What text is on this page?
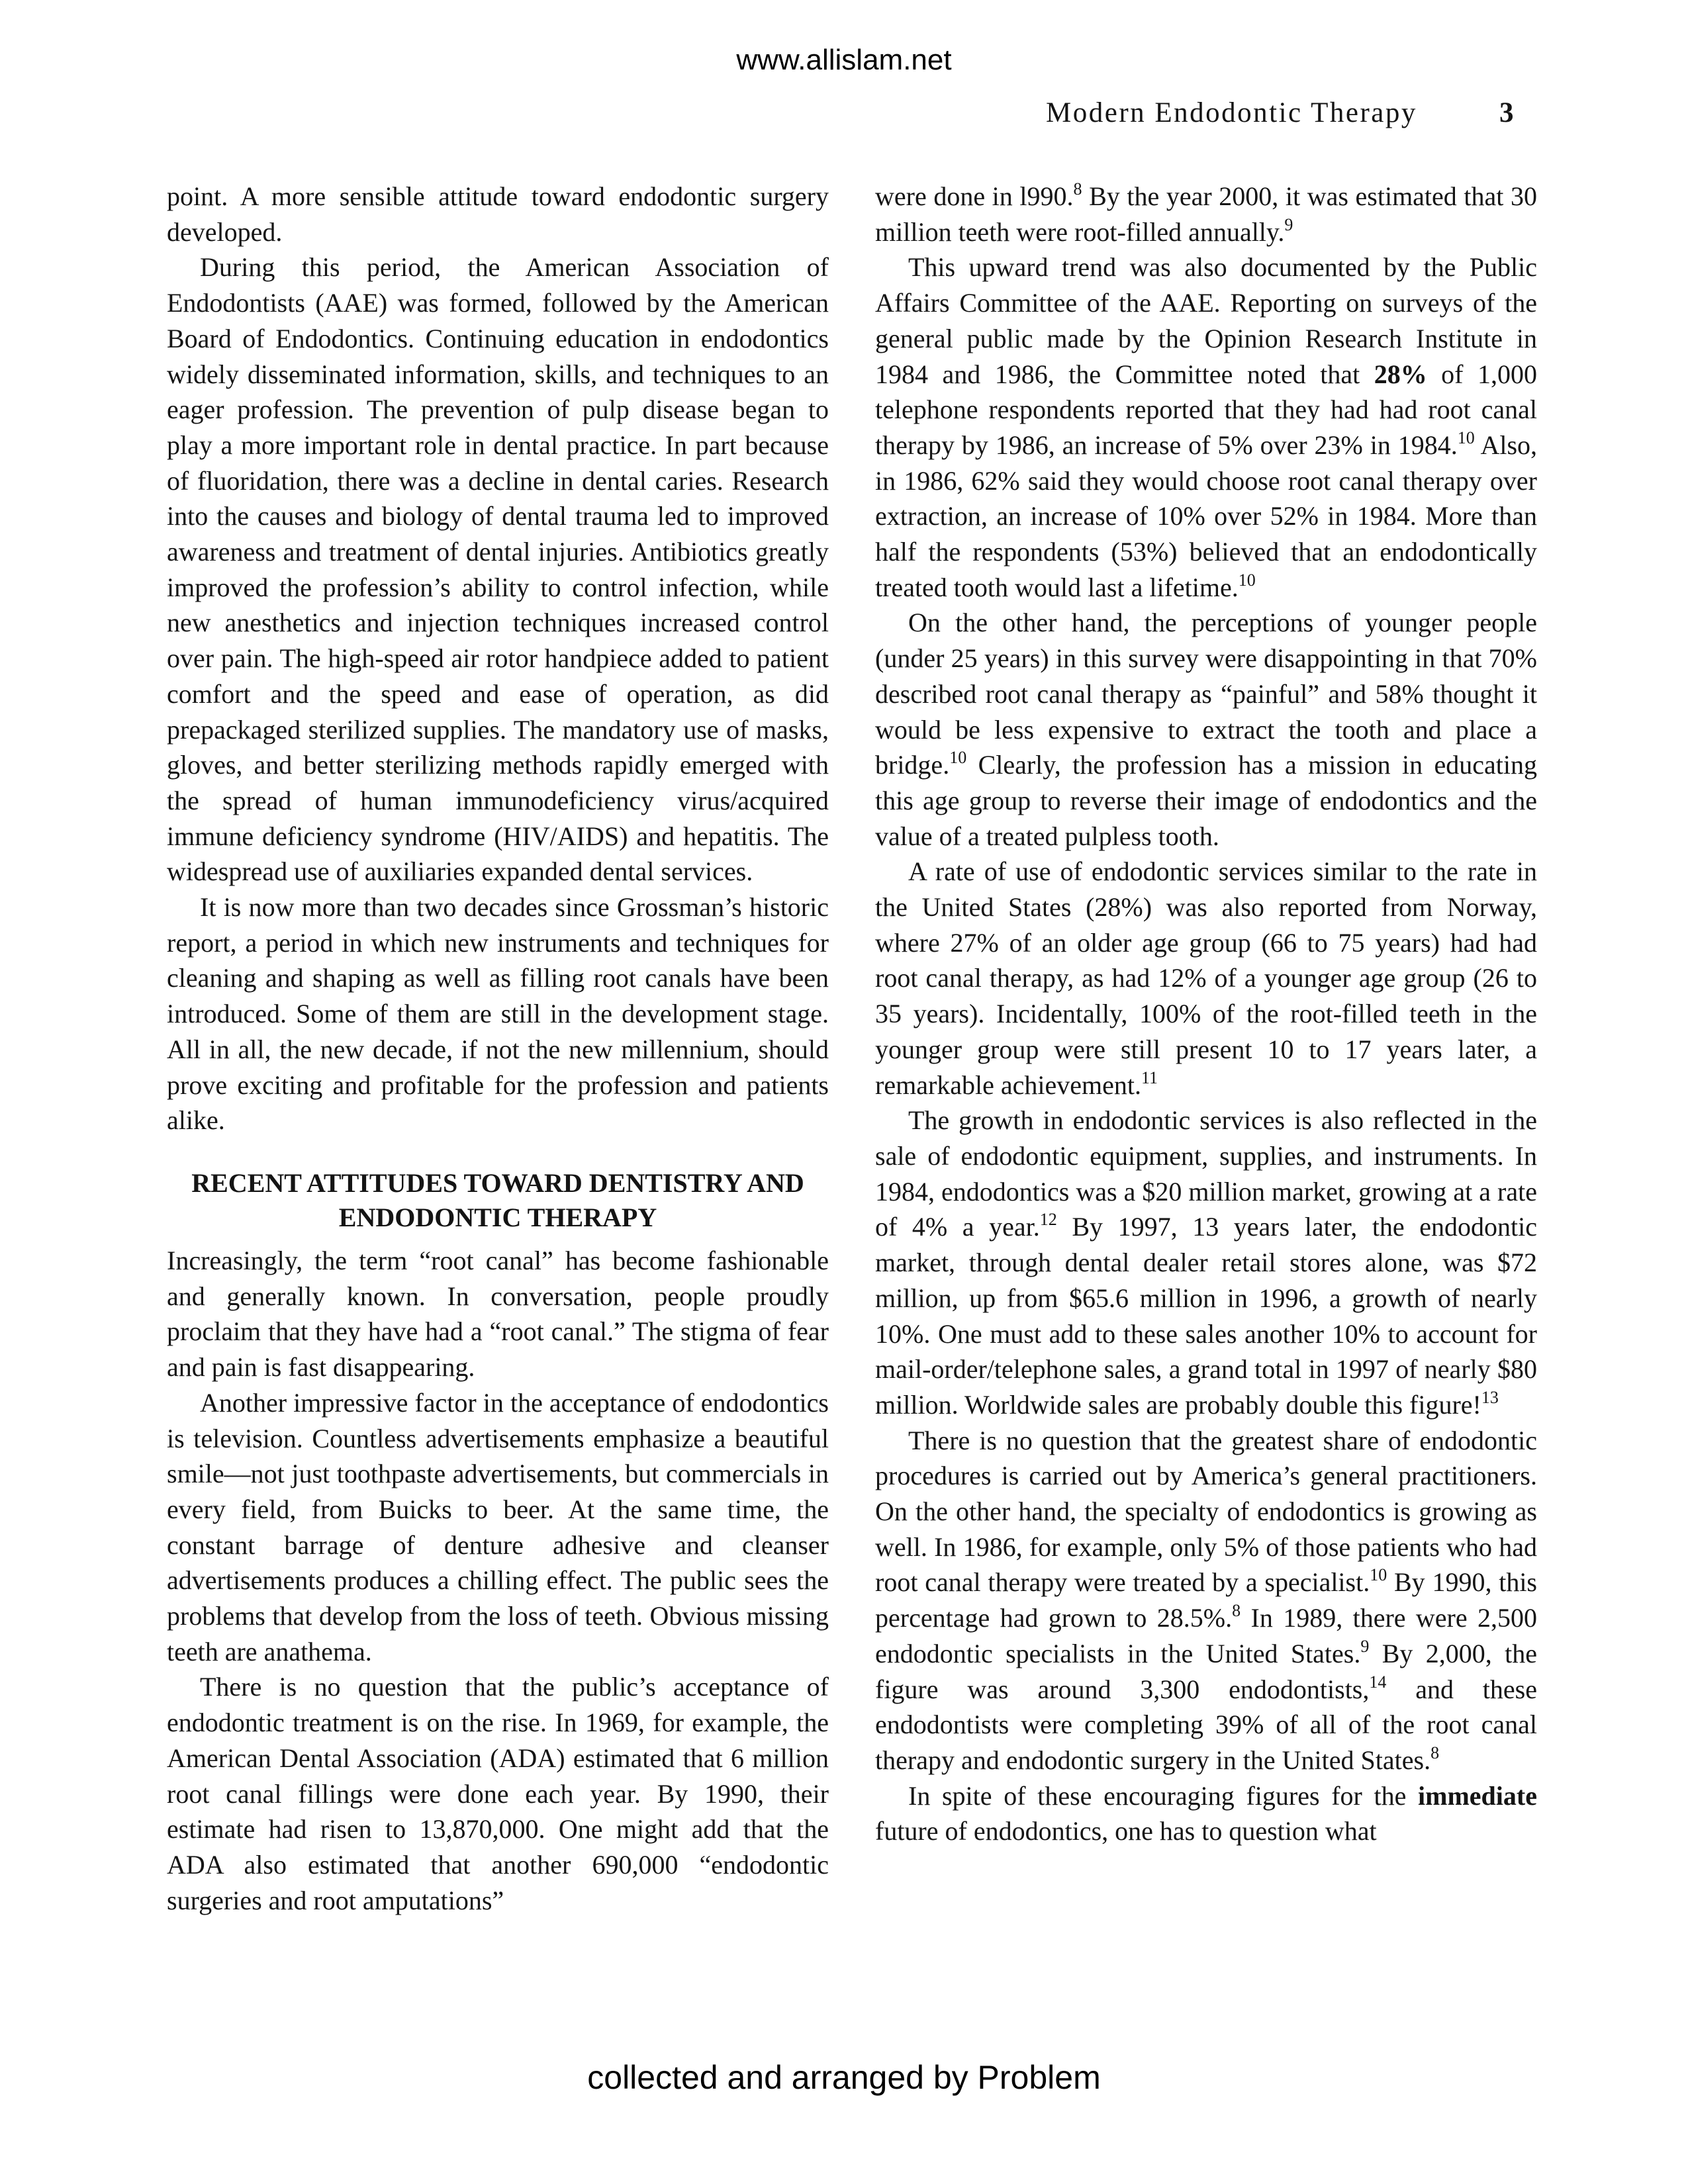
www.allislam.net
Modern Endodontic Therapy	3

point. A more sensible attitude toward endodontic surgery developed.

During this period, the American Association of Endodontists (AAE) was formed, followed by the American Board of Endodontics. Continuing education in endodontics widely disseminated information, skills, and techniques to an eager profession. The prevention of pulp disease began to play a more important role in dental practice. In part because of fluoridation, there was a decline in dental caries. Research into the causes and biology of dental trauma led to improved awareness and treatment of dental injuries. Antibiotics greatly improved the profession’s ability to control infection, while new anesthetics and injection techniques increased control over pain. The high-speed air rotor handpiece added to patient comfort and the speed and ease of operation, as did prepackaged sterilized supplies. The mandatory use of masks, gloves, and better sterilizing methods rapidly emerged with the spread of human immunodeficiency virus/acquired immune deficiency syndrome (HIV/AIDS) and hepatitis. The widespread use of auxiliaries expanded dental services.

It is now more than two decades since Grossman’s historic report, a period in which new instruments and techniques for cleaning and shaping as well as filling root canals have been introduced. Some of them are still in the development stage. All in all, the new decade, if not the new millennium, should prove exciting and profitable for the profession and patients alike.

RECENT ATTITUDES TOWARD DENTISTRY AND ENDODONTIC THERAPY

Increasingly, the term “root canal” has become fashionable and generally known. In conversation, people proudly proclaim that they have had a “root canal.” The stigma of fear and pain is fast disappearing.

Another impressive factor in the acceptance of endodontics is television. Countless advertisements emphasize a beautiful smile—not just toothpaste advertisements, but commercials in every field, from Buicks to beer. At the same time, the constant barrage of denture adhesive and cleanser advertisements produces a chilling effect. The public sees the problems that develop from the loss of teeth. Obvious missing teeth are anathema.

There is no question that the public’s acceptance of endodontic treatment is on the rise. In 1969, for example, the American Dental Association (ADA) estimated that 6 million root canal fillings were done each year. By 1990, their estimate had risen to 13,870,000. One might add that the ADA also estimated that another 690,000 “endodontic surgeries and root amputations”

were done in l990.$^8$ By the year 2000, it was estimated that 30 million teeth were root-filled annually.$^9$

This upward trend was also documented by the Public Affairs Committee of the AAE. Reporting on surveys of the general public made by the Opinion Research Institute in 1984 and 1986, the Committee noted that 28% of 1,000 telephone respondents reported that they had had root canal therapy by 1986, an increase of 5% over 23% in 1984.10 Also, in 1986, 62% said they would choose root canal therapy over extraction, an increase of 10% over 52% in 1984. More than half the respondents (53%) believed that an endodontically treated tooth would last a lifetime.$^{10}$

On the other hand, the perceptions of younger people (under 25 years) in this survey were disappointing in that 70% described root canal therapy as “painful” and 58% thought it would be less expensive to extract the tooth and place a bridge.$^{10}$ Clearly, the profession has a mission in educating this age group to reverse their image of endodontics and the value of a treated pulpless tooth.

A rate of use of endodontic services similar to the rate in the United States (28%) was also reported from Norway, where 27% of an older age group (66 to 75 years) had had root canal therapy, as had 12% of a younger age group (26 to 35 years). Incidentally, 100% of the root-filled teeth in the younger group were still present 10 to 17 years later, a remarkable achievement.$^{11}$

The growth in endodontic services is also reflected in the sale of endodontic equipment, supplies, and instruments. In 1984, endodontics was a $20 million market, growing at a rate of 4% a year.$^{12}$ By 1997, 13 years later, the endodontic market, through dental dealer retail stores alone, was $72 million, up from $65.6 million in 1996, a growth of nearly 10%. One must add to these sales another 10% to account for mail-order/telephone sales, a grand total in 1997 of nearly $80 million. Worldwide sales are probably double this figure!$^{13}$

There is no question that the greatest share of endodontic procedures is carried out by America’s general practitioners. On the other hand, the specialty of endodontics is growing as well. In 1986, for example, only 5% of those patients who had root canal therapy were treated by a specialist.$^{10}$ By 1990, this percentage had grown to 28.5%.$^8$ In 1989, there were 2,500 endodontic specialists in the United States.$^9$ By 2,000, the figure was around 3,300 endodontists,$^{14}$ and these endodontists were completing 39% of all of the root canal therapy and endodontic surgery in the United States.$^8$

In spite of these encouraging figures for the immediate future of endodontics, one has to question what

collected and arranged by Problem
